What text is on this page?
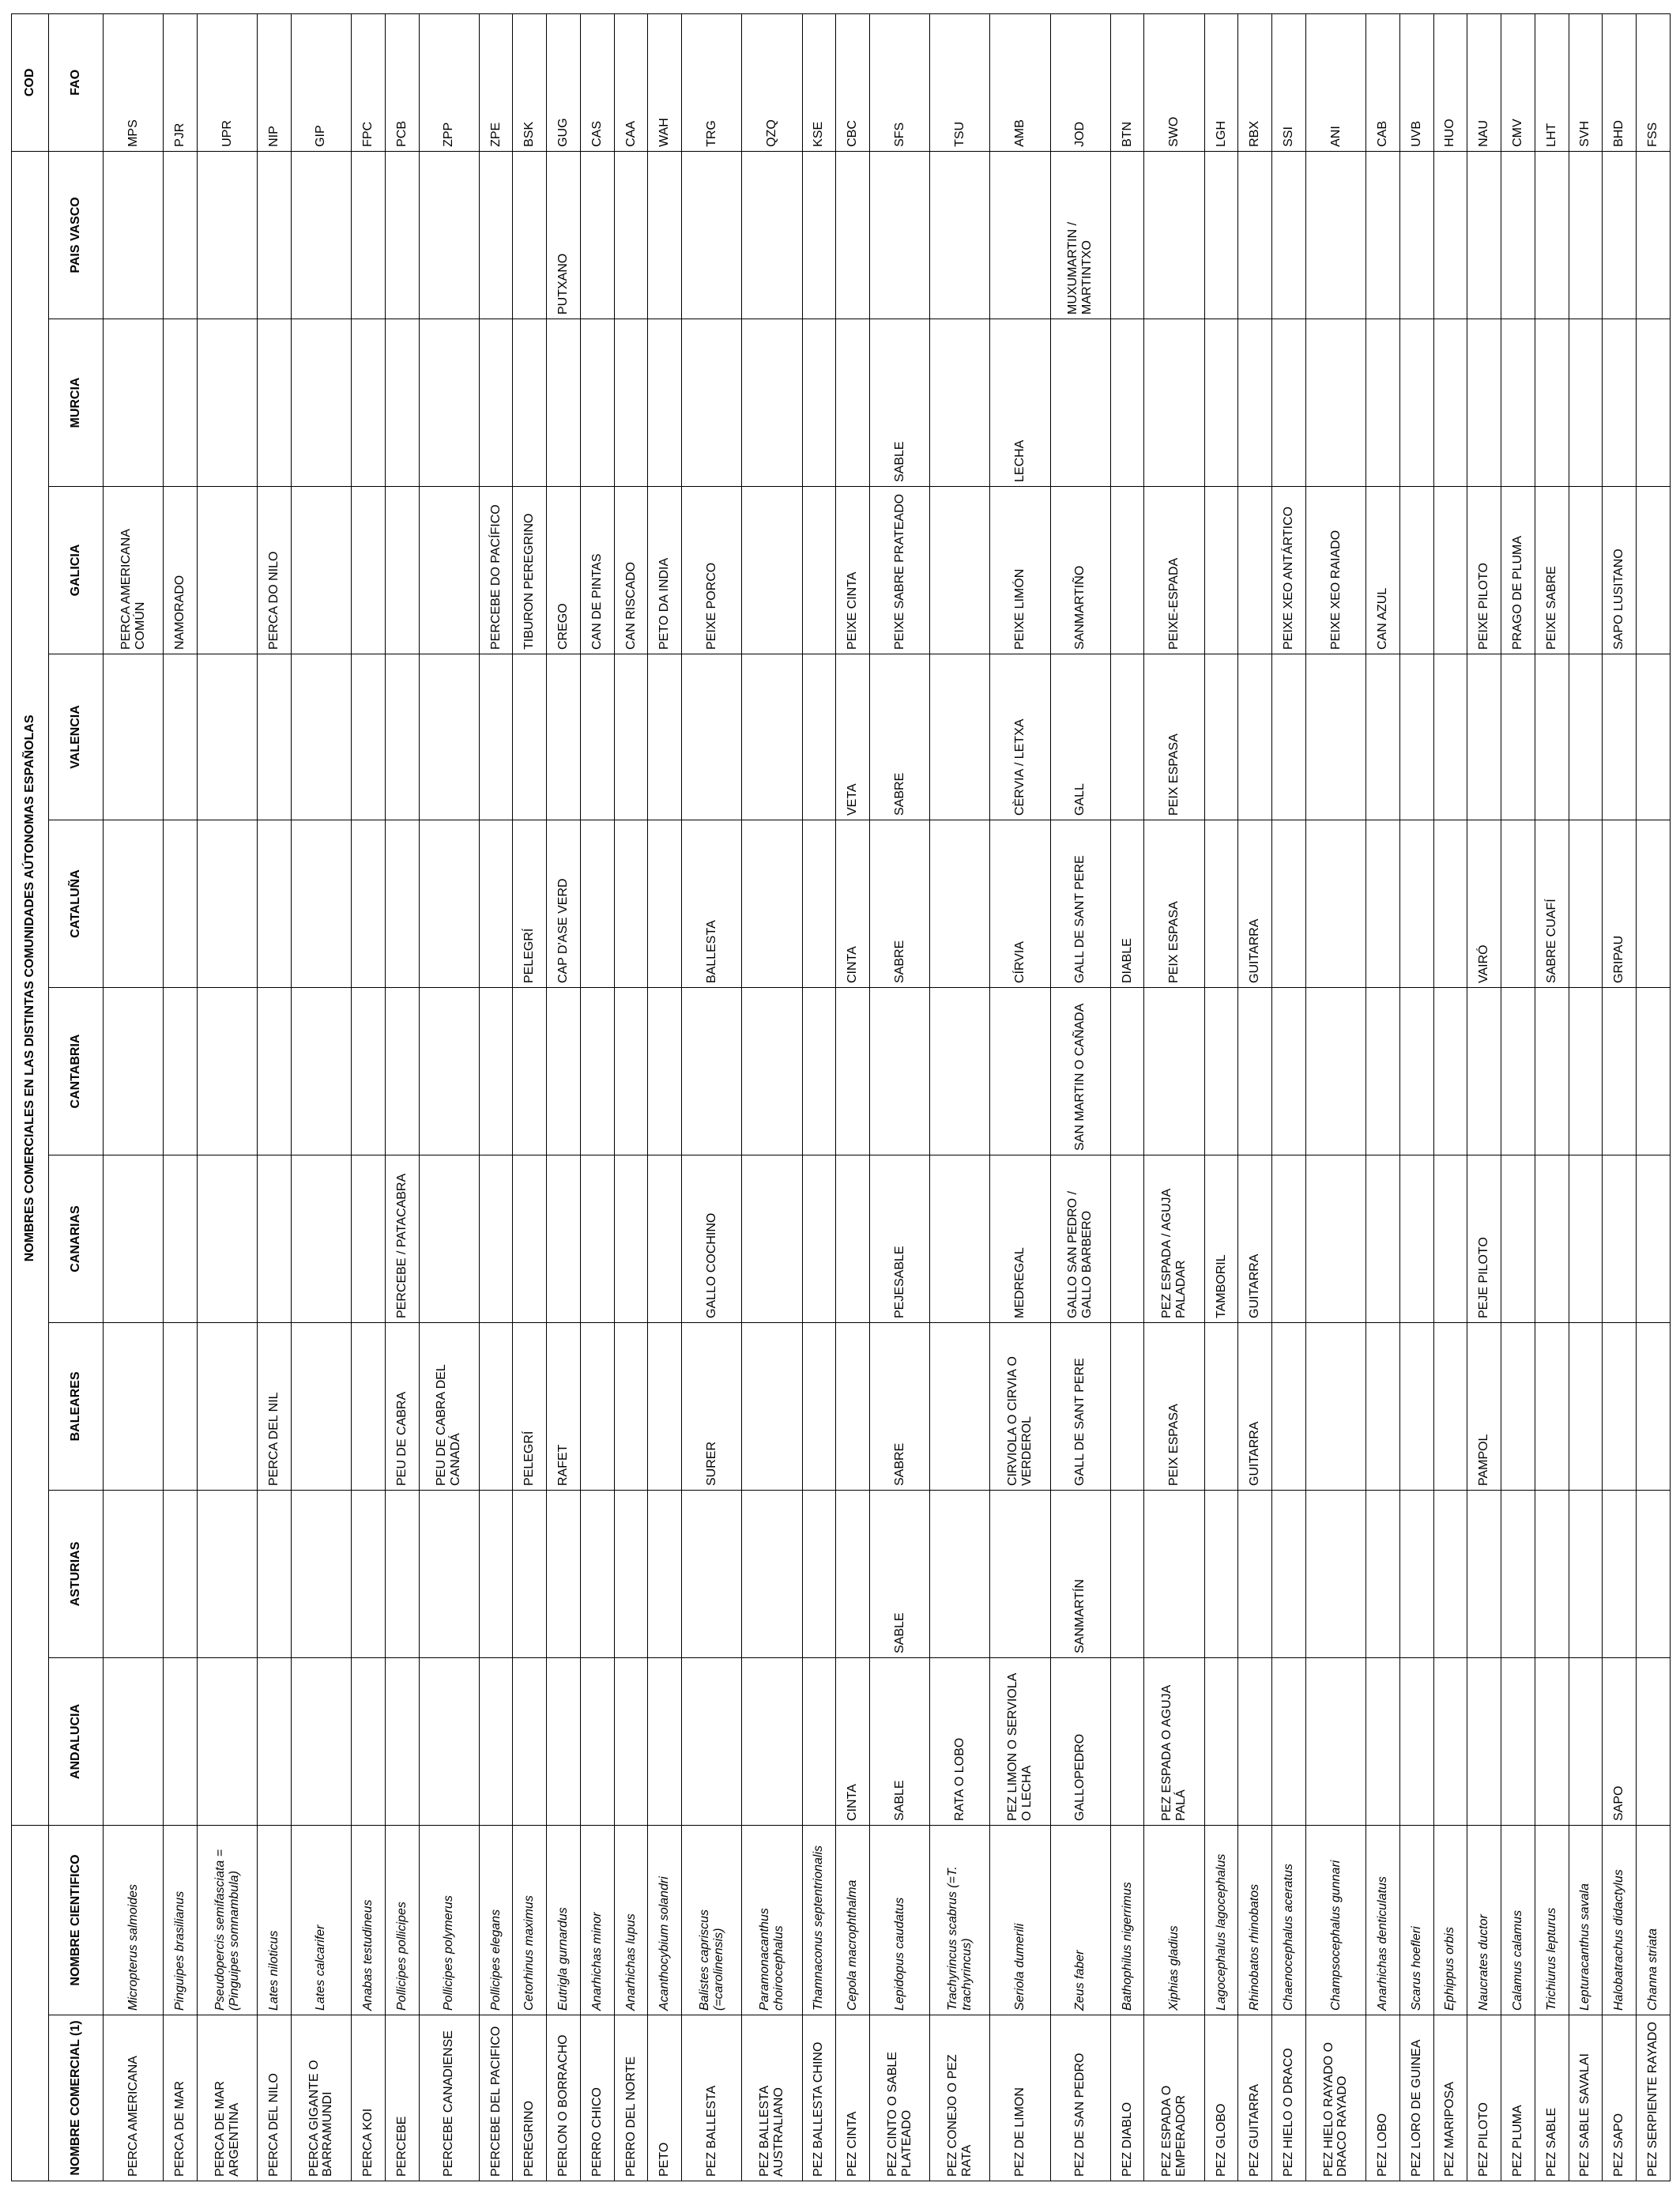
		NOMBRES COMERCIALES EN LAS DISTINTAS COMUNIDADES AÚTONOMAS ESPAÑOLAS										COD
NOMBRE COMERCIAL (1)	NOMBRE CIENTIFICO	ANDALUCIA	ASTURIAS	BALEARES	CANARIAS	CANTABRIA	CATALUÑA	VALENCIA	GALICIA	MURCIA	PAIS VASCO	FAO
PERCA AMERICANA	Micropterus salmoides								PERCA AMERICANA COMÚN			MPS
PERCA DE MAR	Pinguipes brasilianus								NAMORADO			PJR
PERCA DE MAR ARGENTINA	Pseudopercis semifasciata =(Pinguipes somnambula)											UPR
PERCA DEL NILO	Lates niloticus			PERCA DEL NIL					PERCA DO NILO			NIP
PERCA GIGANTE O BARRAMUNDI	Lates calcarifer											GIP
PERCA KOI	Anabas testudineus											FPC
PERCEBE	Pollicipes pollicipes			PEU DE CABRA	PERCEBE / PATACABRA							PCB
PERCEBE CANADIENSE	Pollicipes polymerus			PEU DE CABRA DEL CANADÁ								ZPP
PERCEBE DEL PACIFICO	Pollicipes elegans								PERCEBE DO PACÍFICO			ZPE
PEREGRINO	Cetorhinus maximus			PELEGRÍ			PELEGRÍ		TIBURON PEREGRINO			BSK
PERLON O BORRACHO	Eutrigla gurnardus			RAFET			CAP D'ASE VERD		CREGO		PUTXANO	GUG
PERRO CHICO	Anarhichas minor								CAN DE PINTAS			CAS
PERRO DEL NORTE	Anarhichas lupus								CAN RISCADO			CAA
PETO	Acanthocybium solandri								PETO DA INDIA			WAH
PEZ BALLESTA	Balistes capriscus (=carolinensis)			SURER	GALLO COCHINO		BALLESTA		PEIXE PORCO			TRG
PEZ BALLESTA AUSTRALIANO	Paramonacanthus choirocephalus											QZQ
PEZ BALLESTA CHINO	Thamnaconus septentrionalis											KSE
PEZ CINTA	Cepola macrophthalma	CINTA					CINTA	VETA	PEIXE CINTA			CBC
PEZ CINTO O SABLE PLATEADO	Lepidopus caudatus	SABLE	SABLE	SABRE	PEJESABLE		SABRE	SABRE	PEIXE SABRE PRATEADO	SABLE		SFS
PEZ CONEJO O PEZ RATA	Trachyrincus scabrus (=T. trachyrincus)	RATA O LOBO										TSU
PEZ DE LIMON	Seriola dumerili	PEZ LIMON O SERVIOLA O LECHA		CIRVIOLA O CIRVIA O VERDEROL	MEDREGAL		CÍRVIA	CÈRVIA / LETXA	PEIXE LIMÓN	LECHA		AMB
PEZ DE SAN PEDRO	Zeus faber	GALLOPEDRO	SANMARTÍN	GALL DE SANT PERE	GALLO SAN PEDRO / GALLO BARBERO	SAN MARTIN O CAÑADA	GALL DE SANT PERE	GALL	SANMARTIÑO		MUXUMARTIN / MARTINTXO	JOD
PEZ DIABLO	Bathophilus nigerrimus						DIABLE					BTN
PEZ ESPADA O EMPERADOR	Xiphias gladius	PEZ ESPADA O AGUJA PALÁ		PEIX ESPASA	PEZ ESPADA / AGUJA PALADAR		PEIX ESPASA	PEIX ESPASA	PEIXE-ESPADA			SWO
PEZ GLOBO	Lagocephalus lagocephalus				TAMBORIL							LGH
PEZ GUITARRA	Rhinobatos rhinobatos			GUITARRA	GUITARRA		GUITARRA					RBX
PEZ HIELO O DRACO	Chaenocephalus aceratus								PEIXE XEO ANTÁRTICO			SSI
PEZ HIELO RAYADO O DRACO RAYADO	Champsocephalus gunnari								PEIXE XEO RAIADO			ANI
PEZ LOBO	Anarhichas denticulatus								CAN AZUL			CAB
PEZ LORO DE GUINEA	Scarus hoefleri											UVB
PEZ MARIPOSA	Ephippus orbis											HUO
PEZ PILOTO	Naucrates ductor			PAMPOL	PEJE PILOTO		VAIRÓ		PEIXE PILOTO			NAU
PEZ PLUMA	Calamus calamus								PRAGO DE PLUMA			CMV
PEZ SABLE	Trichiurus lepturus						SABRE CUAFÍ		PEIXE SABRE			LHT
PEZ SABLE SAVALAI	Lepturacanthus savala											SVH
PEZ SAPO	Halobatrachus didactylus	SAPO					GRIPAU		SAPO LUSITANO			BHD
PEZ SERPIENTE RAYADO	Channa striata											FSS
